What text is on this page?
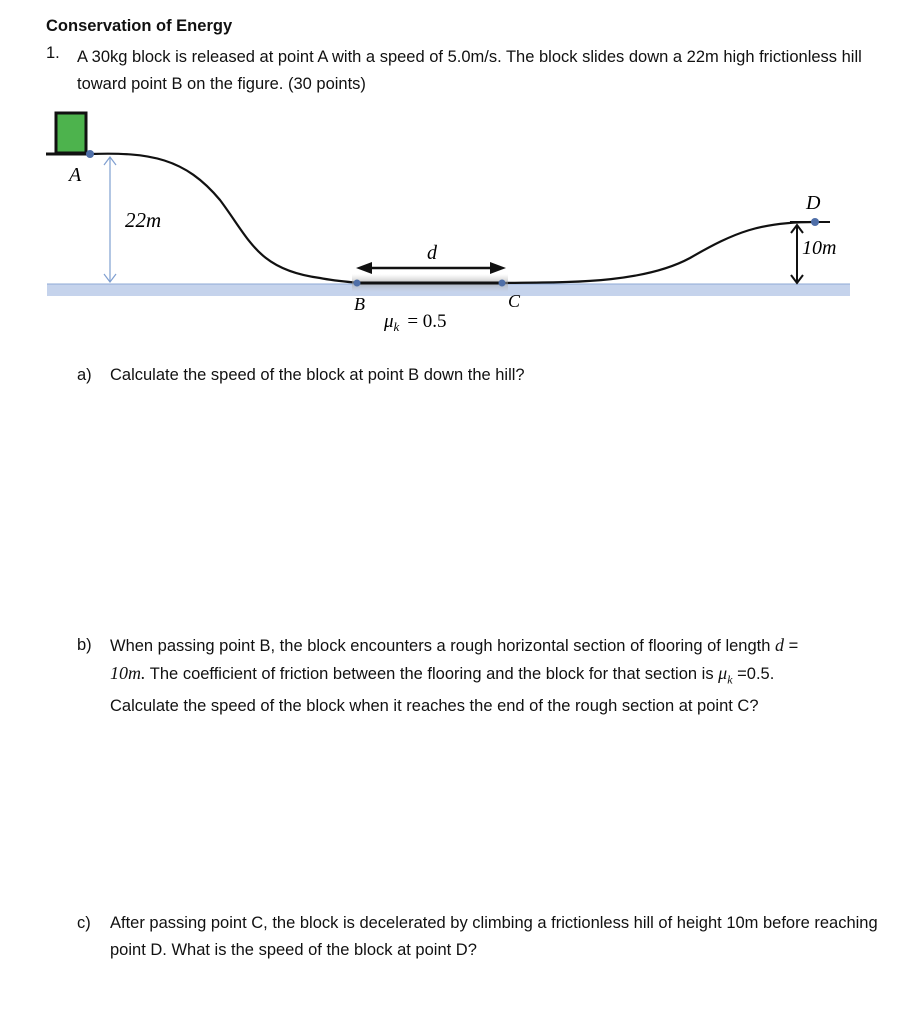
Conservation of Energy
1. A 30kg block is released at point A with a speed of 5.0m/s. The block slides down a 22m high frictionless hill toward point B on the figure. (30 points)
A
B	C
D
d
22m
10m
$\mu_k = 0.5$
a) Calculate the speed of the block at point B down the hill?
b) When passing point B, the block encounters a rough horizontal section of flooring of length d =
10m. The coefficient of friction between the flooring and the block for that section is $\mu_k =0.5$.
Calculate the speed of the block when it reaches the end of the rough section at point C?
c) After passing point C, the block is decelerated by climbing a frictionless hill of height 10m before reaching point D. What is the speed of the block at point D?
